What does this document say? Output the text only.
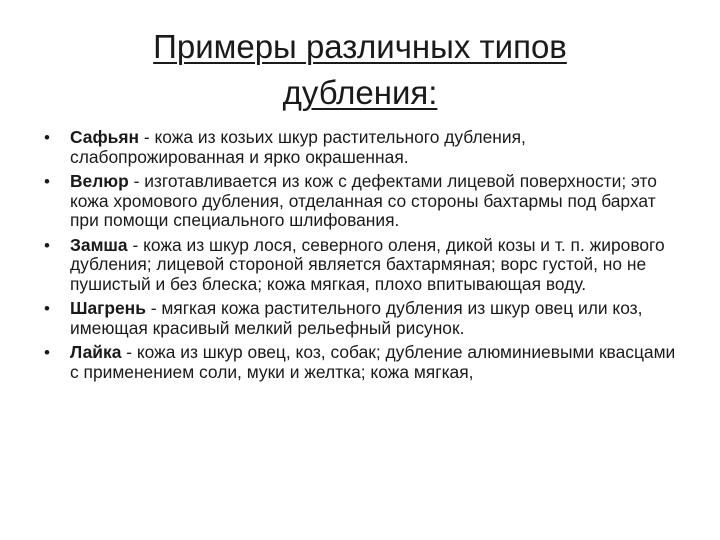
Примеры различных типов
дубления:
• Сафьян - кожа из козьих шкур растительного дубления, слабопрожированная и ярко окрашенная.
• Велюр - изготавливается из кож с дефектами лицевой поверхности; это кожа хромового дубления, отделанная со стороны бахтармы под бархат при помощи специального шлифования.
• Замша - кожа из шкур лося, северного оленя, дикой козы и т. п. жирового дубления; лицевой стороной является бахтармяная; ворс густой, но не пушистый и без блеска; кожа мягкая, плохо впитывающая воду.
• Шагрень - мягкая кожа растительного дубления из шкур овец или коз, имеющая красивый мелкий рельефный рисунок.
• Лайка - кожа из шкур овец, коз, собак; дубление алюминиевыми квасцами с применением соли, муки и желтка; кожа мягкая,
